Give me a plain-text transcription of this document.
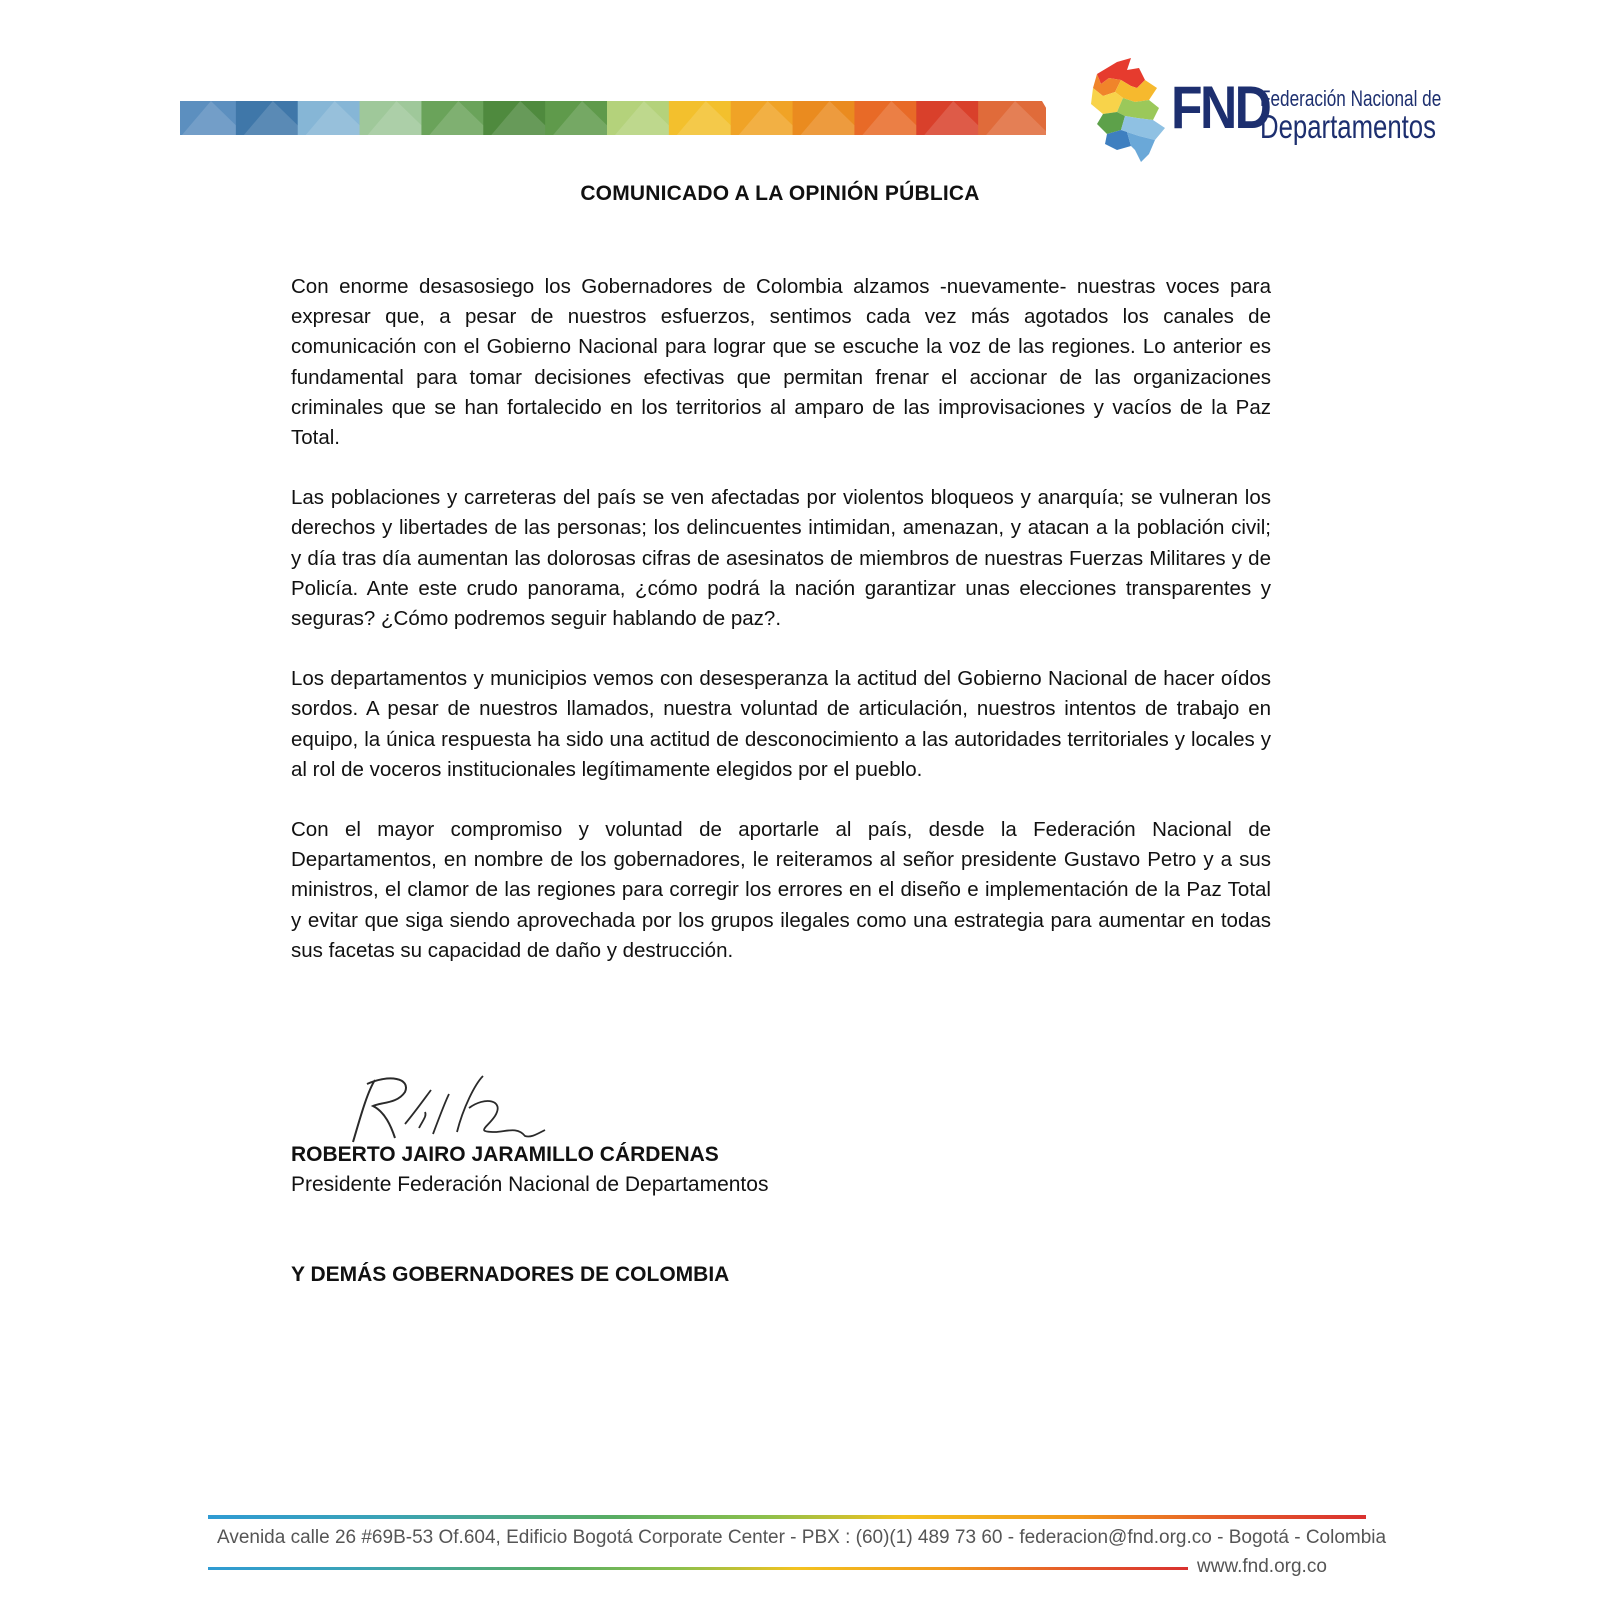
FND
Federación Nacional de
Departamentos
COMUNICADO A LA OPINIÓN PÚBLICA

Con enorme desasosiego los Gobernadores de Colombia alzamos -nuevamente- nuestras voces para expresar que, a pesar de nuestros esfuerzos, sentimos cada vez más agotados los canales de comunicación con el Gobierno Nacional para lograr que se escuche la voz de las regiones. Lo anterior es fundamental para tomar decisiones efectivas que permitan frenar el accionar de las organizaciones criminales que se han fortalecido en los territorios al amparo de las improvisaciones y vacíos de la Paz Total.

Las poblaciones y carreteras del país se ven afectadas por violentos bloqueos y anarquía; se vulneran los derechos y libertades de las personas; los delincuentes intimidan, amenazan, y atacan a la población civil; y día tras día aumentan las dolorosas cifras de asesinatos de miembros de nuestras Fuerzas Militares y de Policía. Ante este crudo panorama, ¿cómo podrá la nación garantizar unas elecciones transparentes y seguras? ¿Cómo podremos seguir hablando de paz?.

Los departamentos y municipios vemos con desesperanza la actitud del Gobierno Nacional de hacer oídos sordos. A pesar de nuestros llamados, nuestra voluntad de articulación, nuestros intentos de trabajo en equipo, la única respuesta ha sido una actitud de desconocimiento a las autoridades territoriales y locales y al rol de voceros institucionales legítimamente elegidos por el pueblo.

Con el mayor compromiso y voluntad de aportarle al país, desde la Federación Nacional de Departamentos, en nombre de los gobernadores, le reiteramos al señor presidente Gustavo Petro y a sus ministros, el clamor de las regiones para corregir los errores en el diseño e implementación de la Paz Total y evitar que siga siendo aprovechada por los grupos ilegales como una estrategia para aumentar en todas sus facetas su capacidad de daño y destrucción.

ROBERTO JAIRO JARAMILLO CÁRDENAS
Presidente Federación Nacional de Departamentos
Y DEMÁS GOBERNADORES DE COLOMBIA
Avenida calle 26 #69B-53 Of.604, Edificio Bogotá Corporate Center - PBX : (60)(1) 489 73 60 - federacion@fnd.org.co - Bogotá - Colombia
www.fnd.org.co
